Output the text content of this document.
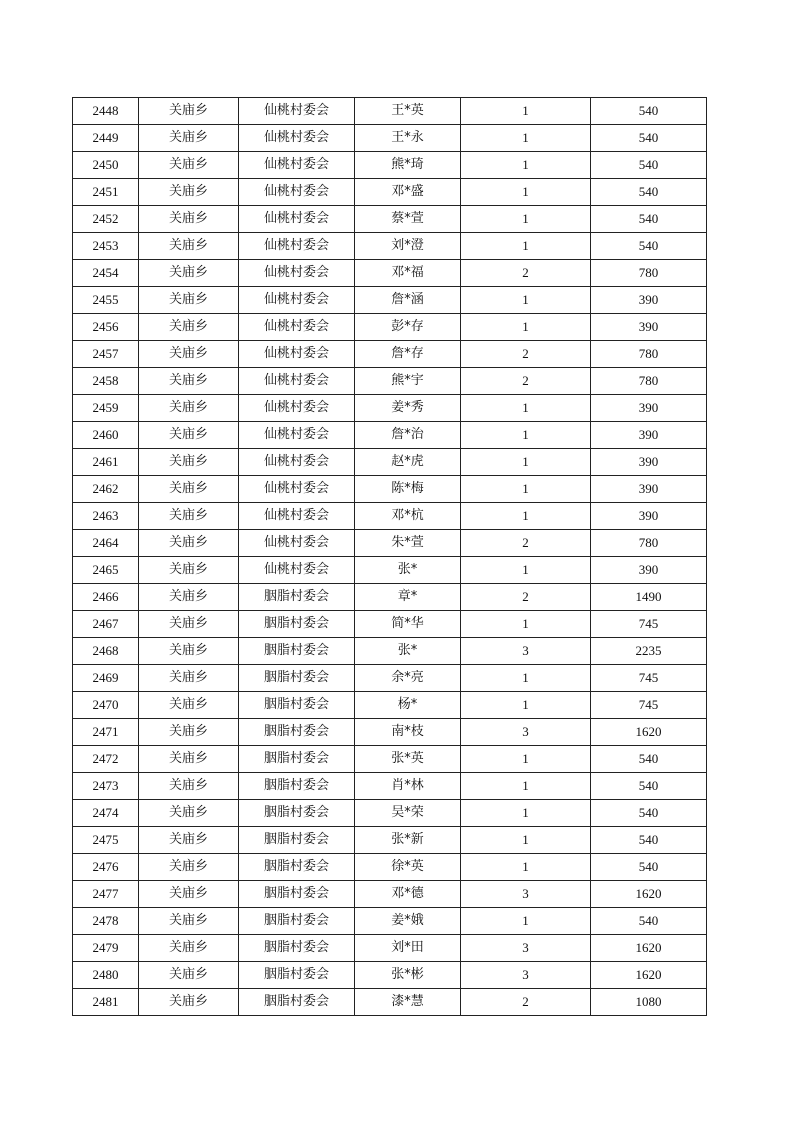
2448	关庙乡	仙桃村委会	王*英	1	540
2449	关庙乡	仙桃村委会	王*永	1	540
2450	关庙乡	仙桃村委会	熊*琦	1	540
2451	关庙乡	仙桃村委会	邓*盛	1	540
2452	关庙乡	仙桃村委会	蔡*萱	1	540
2453	关庙乡	仙桃村委会	刘*澄	1	540
2454	关庙乡	仙桃村委会	邓*福	2	780
2455	关庙乡	仙桃村委会	詹*涵	1	390
2456	关庙乡	仙桃村委会	彭*存	1	390
2457	关庙乡	仙桃村委会	詹*存	2	780
2458	关庙乡	仙桃村委会	熊*宇	2	780
2459	关庙乡	仙桃村委会	姜*秀	1	390
2460	关庙乡	仙桃村委会	詹*治	1	390
2461	关庙乡	仙桃村委会	赵*虎	1	390
2462	关庙乡	仙桃村委会	陈*梅	1	390
2463	关庙乡	仙桃村委会	邓*杭	1	390
2464	关庙乡	仙桃村委会	朱*萱	2	780
2465	关庙乡	仙桃村委会	张*	1	390
2466	关庙乡	胭脂村委会	章*	2	1490
2467	关庙乡	胭脂村委会	简*华	1	745
2468	关庙乡	胭脂村委会	张*	3	2235
2469	关庙乡	胭脂村委会	余*亮	1	745
2470	关庙乡	胭脂村委会	杨*	1	745
2471	关庙乡	胭脂村委会	南*枝	3	1620
2472	关庙乡	胭脂村委会	张*英	1	540
2473	关庙乡	胭脂村委会	肖*林	1	540
2474	关庙乡	胭脂村委会	吴*荣	1	540
2475	关庙乡	胭脂村委会	张*新	1	540
2476	关庙乡	胭脂村委会	徐*英	1	540
2477	关庙乡	胭脂村委会	邓*德	3	1620
2478	关庙乡	胭脂村委会	姜*娥	1	540
2479	关庙乡	胭脂村委会	刘*田	3	1620
2480	关庙乡	胭脂村委会	张*彬	3	1620
2481	关庙乡	胭脂村委会	漆*慧	2	1080
